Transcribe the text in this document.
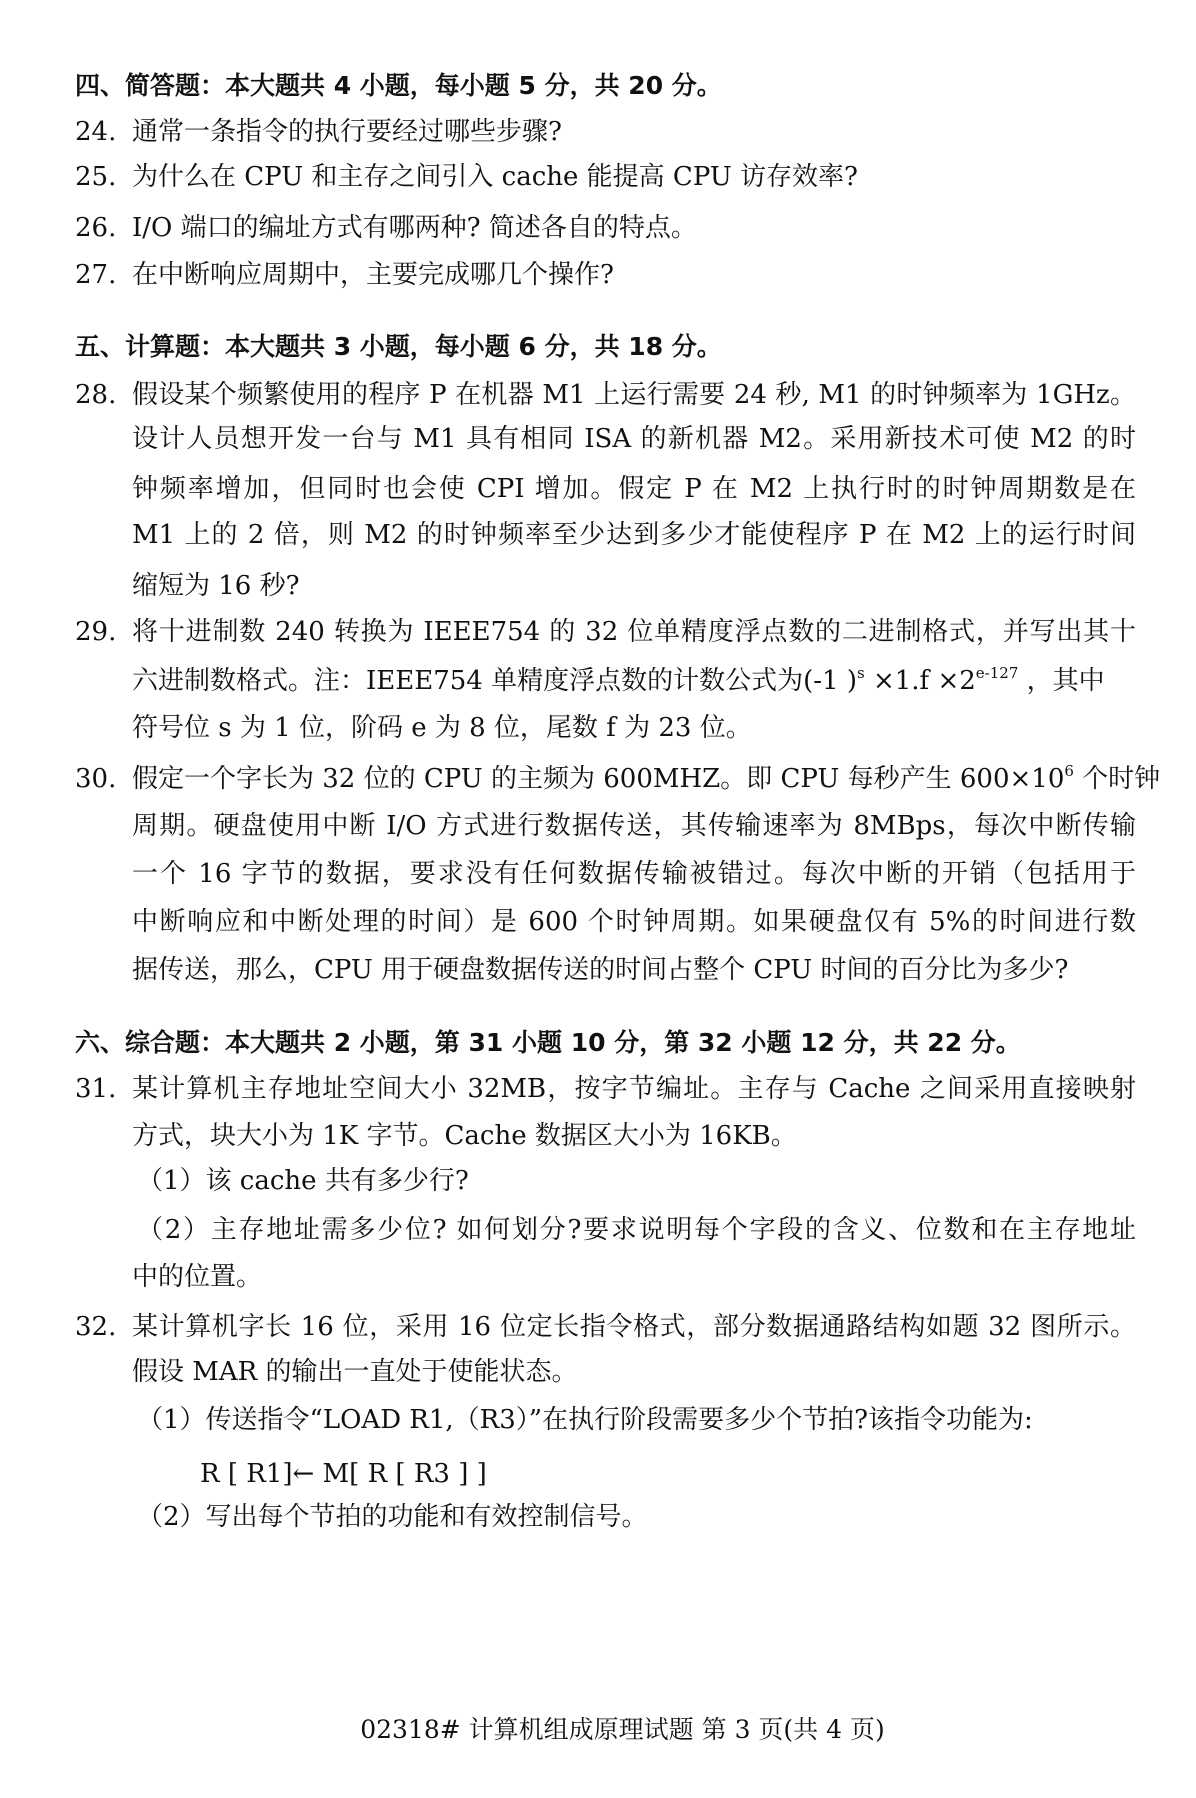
四、简答题：本大题共 4 小题，每小题 5 分，共 20 分。
24. 通常一条指令的执行要经过哪些步骤?
25. 为什么在 CPU 和主存之间引入 cache 能提高 CPU 访存效率?
26. I/O 端口的编址方式有哪两种? 简述各自的特点。
27. 在中断响应周期中，主要完成哪几个操作?
五、计算题：本大题共 3 小题，每小题 6 分，共 18 分。
28. 假设某个频繁使用的程序 P 在机器 M1 上运行需要 24 秒, M1 的时钟频率为 1GHz。
设计人员想开发一台与 M1 具有相同 ISA 的新机器 M2。采用新技术可使 M2 的时
钟频率增加，但同时也会使 CPI 增加。假定 P 在 M2 上执行时的时钟周期数是在
M1 上的 2 倍，则 M2 的时钟频率至少达到多少才能使程序 P 在 M2 上的运行时间
缩短为 16 秒?
29. 将十进制数 240 转换为 IEEE754 的 32 位单精度浮点数的二进制格式，并写出其十
六进制数格式。注：IEEE754 单精度浮点数的计数公式为(-1 )$^s \times 1.f \times 2^{e-127}$ ，其中
符号位 s 为 1 位，阶码 e 为 8 位，尾数 f 为 23 位。
30. 假定一个字长为 32 位的 CPU 的主频为 600MHZ。即 CPU 每秒产生 $600\times 10^6$ 个时钟
周期。硬盘使用中断 I/O 方式进行数据传送，其传输速率为 8MBps，每次中断传输
一个 16 字节的数据，要求没有任何数据传输被错过。每次中断的开销（包括用于
中断响应和中断处理的时间）是 600 个时钟周期。如果硬盘仅有 5%的时间进行数
据传送，那么，CPU 用于硬盘数据传送的时间占整个 CPU 时间的百分比为多少?
六、综合题：本大题共 2 小题，第 31 小题 10 分，第 32 小题 12 分，共 22 分。
31. 某计算机主存地址空间大小 32MB，按字节编址。主存与 Cache 之间采用直接映射
方式，块大小为 1K 字节。Cache 数据区大小为 16KB。
（1）该 cache 共有多少行?
（2）主存地址需多少位? 如何划分?要求说明每个字段的含义、位数和在主存地址
中的位置。
32. 某计算机字长 16 位，采用 16 位定长指令格式，部分数据通路结构如题 32 图所示。
假设 MAR 的输出一直处于使能状态。
（1）传送指令“LOAD R1,（R3）”在执行阶段需要多少个节拍?该指令功能为:
R [ R1]← M[ R [ R3 ] ]
（2）写出每个节拍的功能和有效控制信号。
02318# 计算机组成原理试题 第 3 页(共 4 页)
